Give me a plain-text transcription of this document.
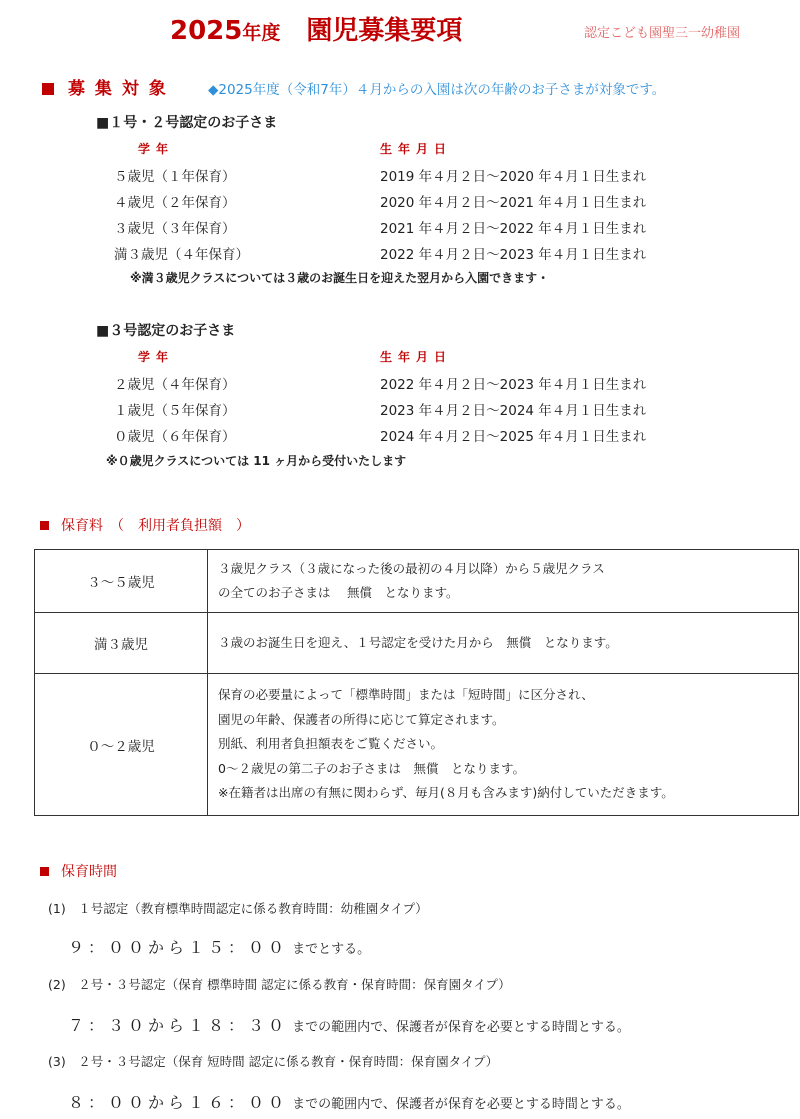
2025年度 園児募集要項	認定こども園聖三一幼稚園
募 集 対 象	◆2025年度（令和7年）４月からの入園は次の年齢のお子さまが対象です。
■１号・２号認定のお子さま
学年	生年月日
５歳児（１年保育）	2019 年４月２日～2020 年４月１日生まれ
４歳児（２年保育）	2020 年４月２日～2021 年４月１日生まれ
３歳児（３年保育）	2021 年４月２日～2022 年４月１日生まれ
満３歳児（４年保育）	2022 年４月２日～2023 年４月１日生まれ
※満３歳児クラスについては３歳のお誕生日を迎えた翌月から入園できます・
■３号認定のお子さま
学年	生年月日
２歳児（４年保育）	2022 年４月２日～2023 年４月１日生まれ
１歳児（５年保育）	2023 年４月２日～2024 年４月１日生まれ
０歳児（６年保育）	2024 年４月２日～2025 年４月１日生まれ
※０歳児クラスについては 11 ヶ月から受付いたします
保育料　（　利用者負担額　）
３～５歳児	３歳児クラス（３歳になった後の最初の４月以降）から５歳児クラス
の全てのお子さまは　 無償　となります。

満３歳児	３歳のお誕生日を迎え、１号認定を受けた月から　無償　となります。

０～２歳児	保育の必要量によって「標準時間」または「短時間」に区分され、
園児の年齢、保護者の所得に応じて算定されます。
別紙、利用者負担額表をご覧ください。
0～２歳児の第二子のお子さまは　無償　となります。
※在籍者は出席の有無に関わらず、毎月(８月も含みます)納付していただきます。
保育時間
(1)　１号認定（教育標準時間認定に係る教育時間：幼稚園タイプ）
９：００から１５：００ までとする。
(2)　２号・３号認定（保育 標準時間 認定に係る教育・保育時間：保育園タイプ）
７：３０から１８：３０ までの範囲内で、保護者が保育を必要とする時間とする。
(3)　２号・３号認定（保育 短時間 認定に係る教育・保育時間：保育園タイプ）
８：００から１６：００ までの範囲内で、保護者が保育を必要とする時間とする。
